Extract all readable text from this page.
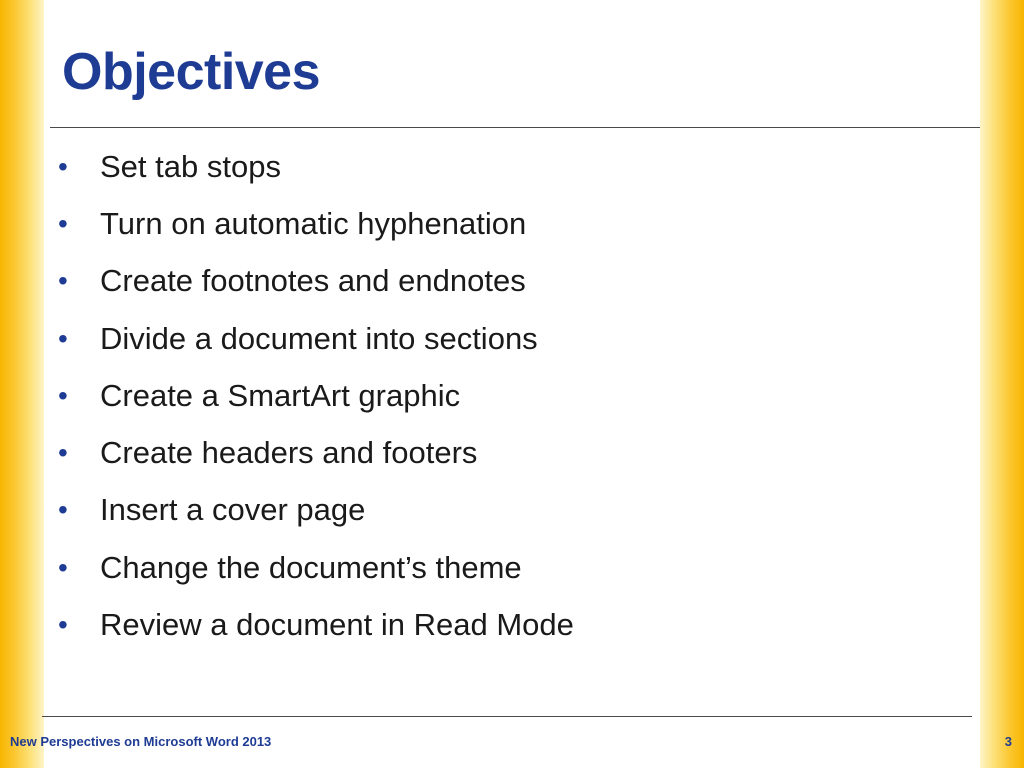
Objectives
•	Set tab stops
•	Turn on automatic hyphenation
•	Create footnotes and endnotes
•	Divide a document into sections
•	Create a SmartArt graphic
•	Create headers and footers
•	Insert a cover page
•	Change the document’s theme
•	Review a document in Read Mode
New Perspectives on Microsoft Word 2013	3
